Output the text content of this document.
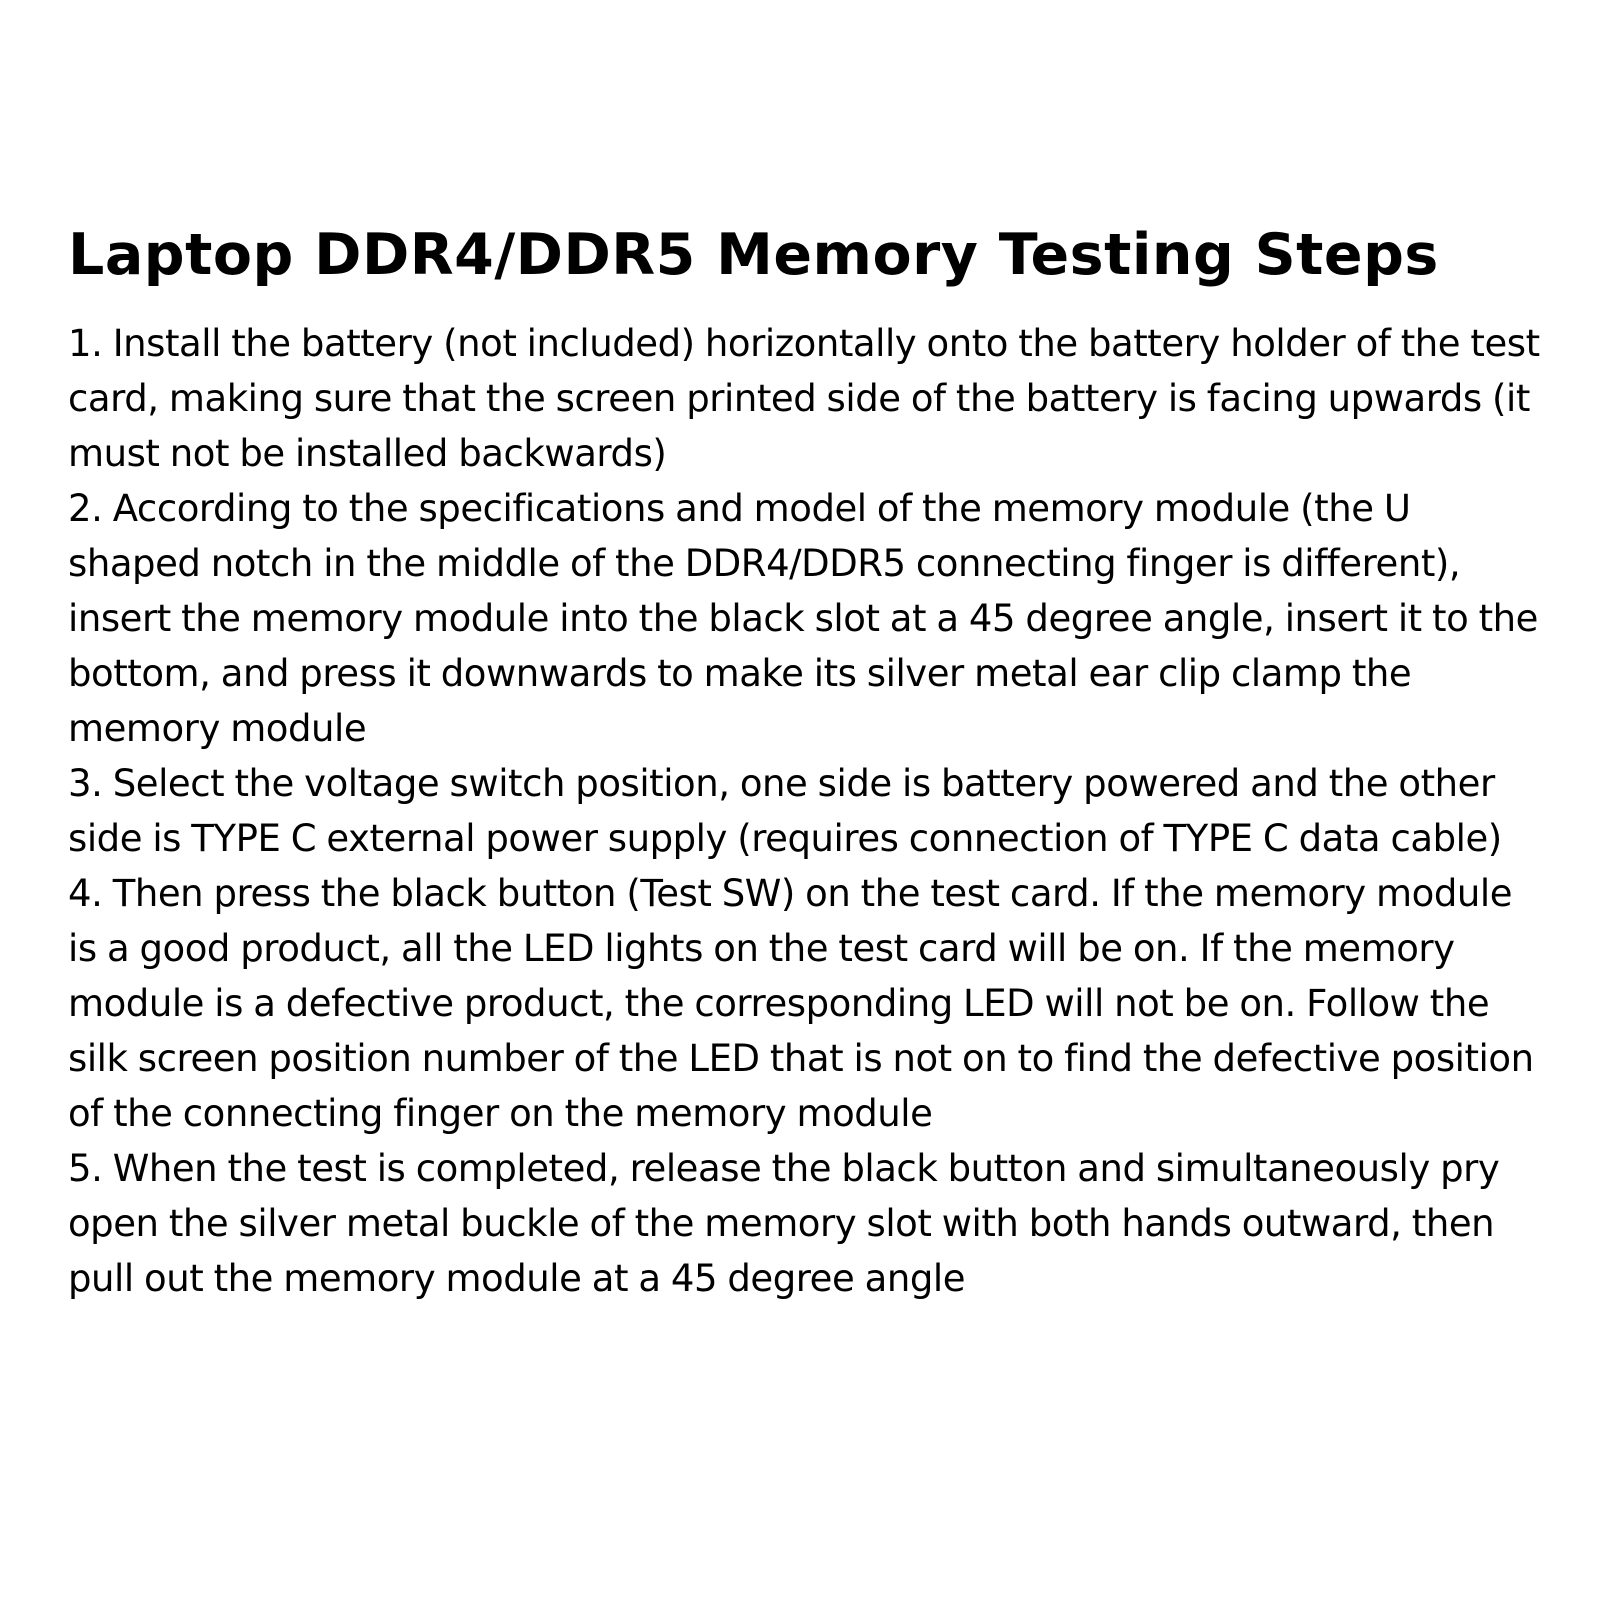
Laptop DDR4/DDR5 Memory Testing Steps
1. Install the battery (not included) horizontally onto the battery holder of the test card, making sure that the screen printed side of the battery is facing upwards (it must not be installed backwards)
2. According to the specifications and model of the memory module (the U shaped notch in the middle of the DDR4/DDR5 connecting finger is different), insert the memory module into the black slot at a 45 degree angle, insert it to the bottom, and press it downwards to make its silver metal ear clip clamp the memory module
3. Select the voltage switch position, one side is battery powered and the other side is TYPE C external power supply (requires connection of TYPE C data cable)
4. Then press the black button (Test SW) on the test card. If the memory module is a good product, all the LED lights on the test card will be on. If the memory module is a defective product, the corresponding LED will not be on. Follow the silk screen position number of the LED that is not on to find the defective position of the connecting finger on the memory module
5. When the test is completed, release the black button and simultaneously pry open the silver metal buckle of the memory slot with both hands outward, then pull out the memory module at a 45 degree angle
